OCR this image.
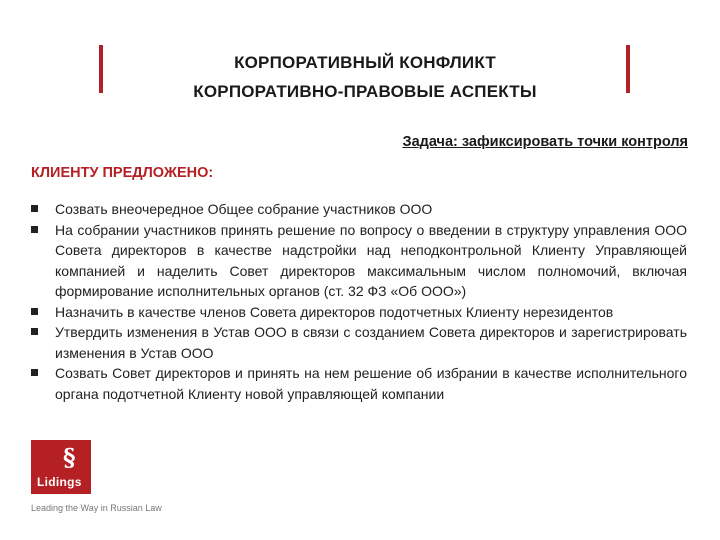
КОРПОРАТИВНЫЙ КОНФЛИКТ
КОРПОРАТИВНО-ПРАВОВЫЕ АСПЕКТЫ
Задача: зафиксировать точки контроля
КЛИЕНТУ ПРЕДЛОЖЕНО:
Созвать внеочередное Общее собрание участников ООО
На собрании участников принять решение по вопросу о введении в структуру управления ООО Совета директоров в качестве надстройки над неподконтрольной Клиенту Управляющей компанией и наделить Совет директоров максимальным числом полномочий, включая формирование исполнительных органов (ст. 32 ФЗ «Об ООО»)
Назначить в качестве членов Совета директоров подотчетных Клиенту нерезидентов
Утвердить изменения в Устав ООО в связи с созданием Совета директоров и зарегистрировать изменения в Устав ООО
Созвать Совет директоров и принять на нем решение об избрании в качестве исполнительного органа подотчетной Клиенту новой управляющей компании
§
Lidings
Leading the Way in Russian Law
